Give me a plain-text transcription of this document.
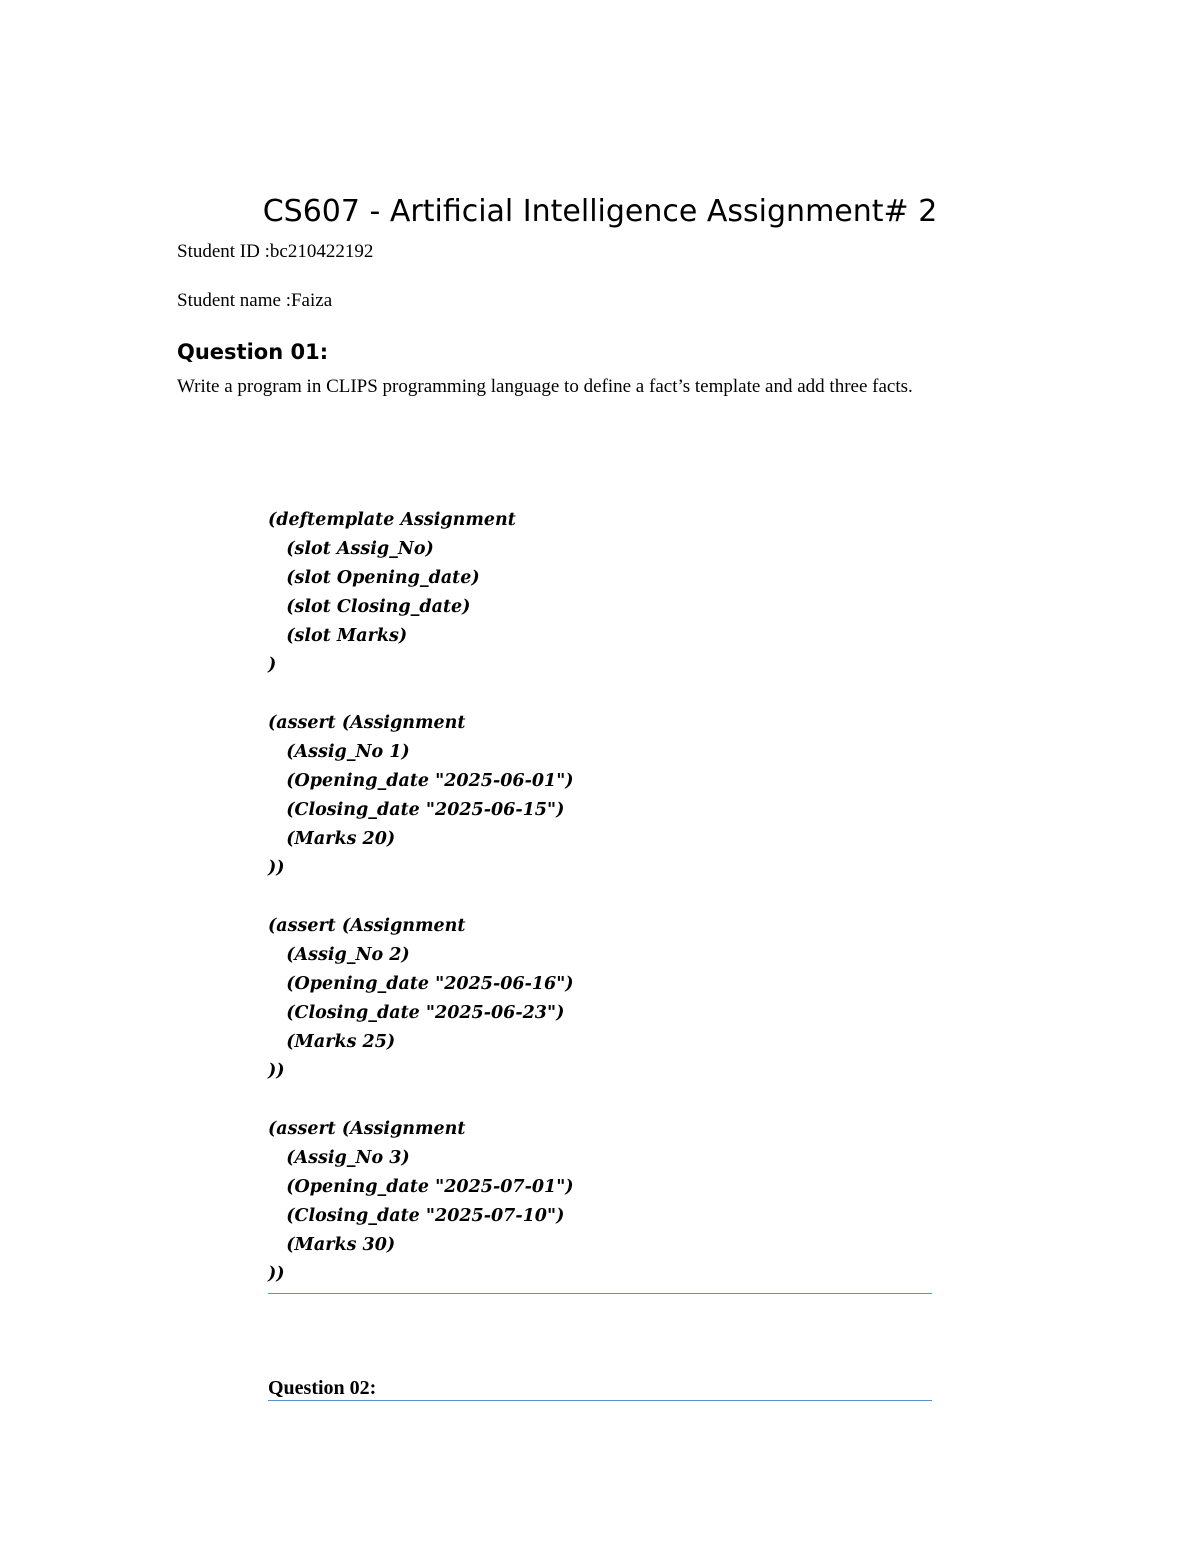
CS607 - Artificial Intelligence Assignment# 2
Student ID :bc210422192
Student name :Faiza
Question 01:

Write a program in CLIPS programming language to define a fact’s template and add three facts.

(deftemplate Assignment
(slot Assig_No)
(slot Opening_date)
(slot Closing_date)
(slot Marks)
)
(assert (Assignment
(Assig_No 1)
(Opening_date "2025-06-01")
(Closing_date "2025-06-15")
(Marks 20)
))
(assert (Assignment
(Assig_No 2)
(Opening_date "2025-06-16")
(Closing_date "2025-06-23")
(Marks 25)
))
(assert (Assignment
(Assig_No 3)
(Opening_date "2025-07-01")
(Closing_date "2025-07-10")
(Marks 30)
))
Question 02:
